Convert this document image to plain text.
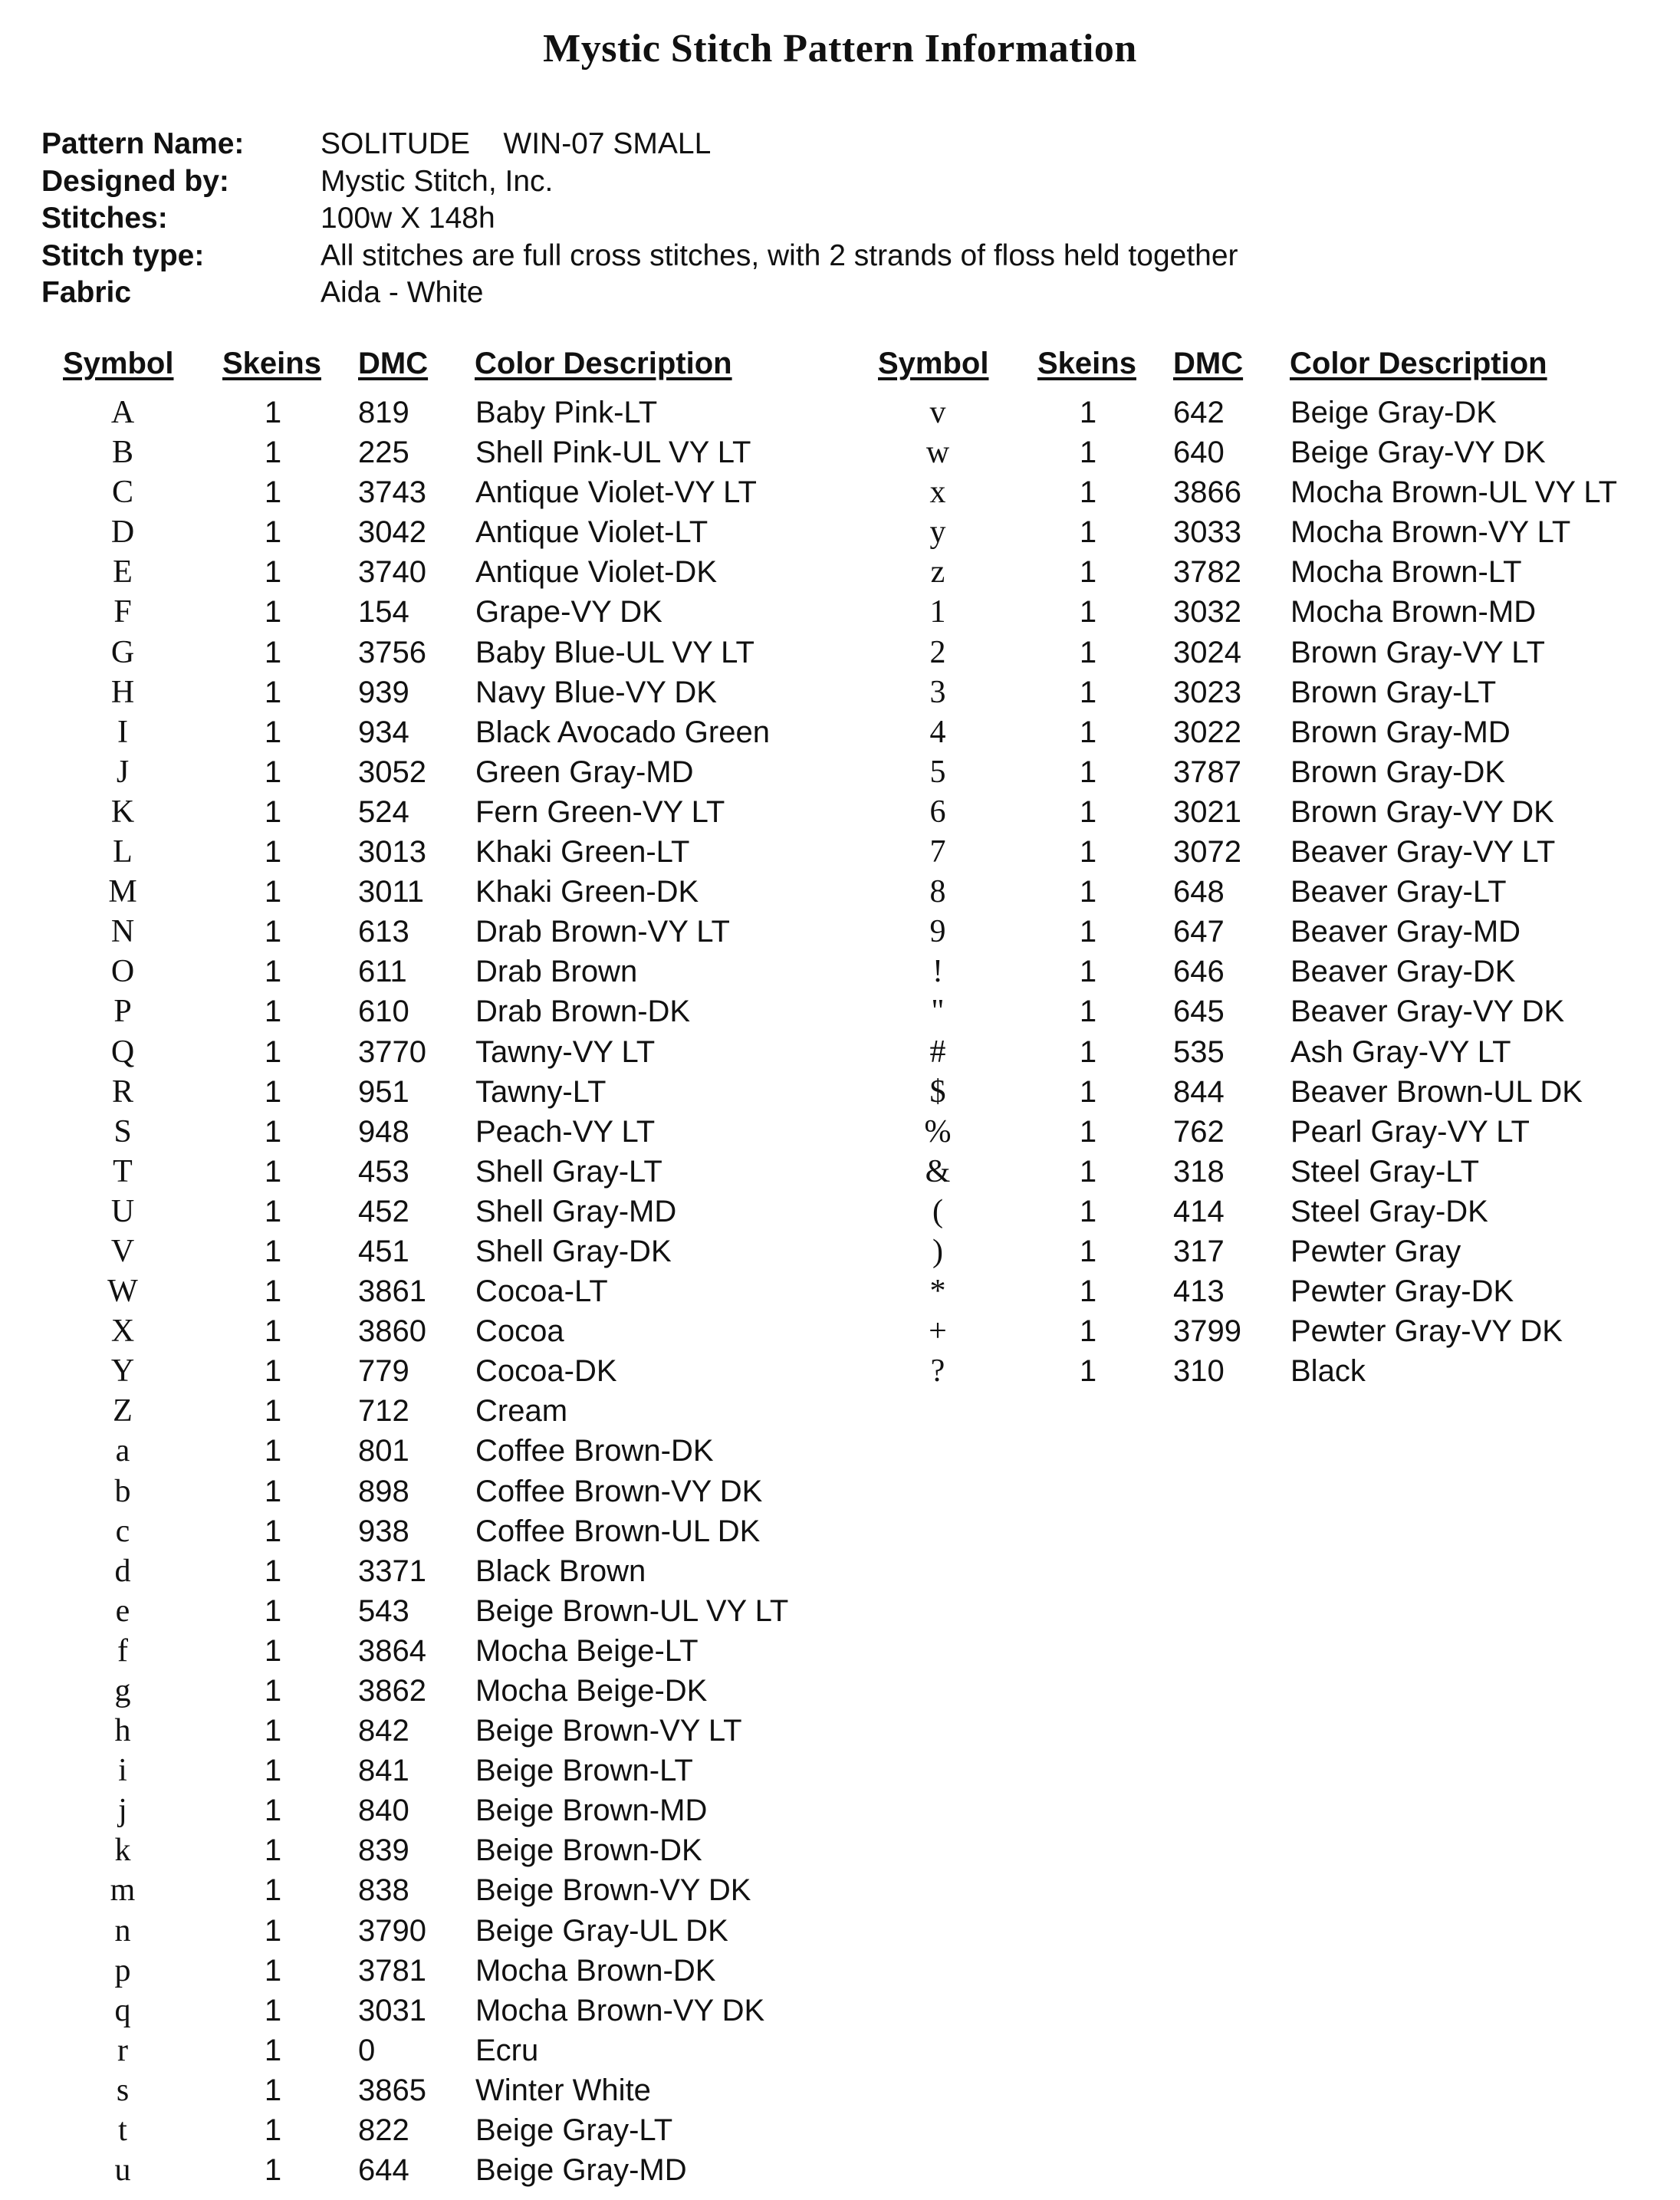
Mystic Stitch Pattern Information
Pattern Name:	SOLITUDE    WIN-07 SMALL
Designed by:	Mystic Stitch, Inc.
Stitches:	100w X 148h
Stitch type:	All stitches are full cross stitches, with 2 strands of floss held together
Fabric	Aida - White
Symbol Skeins DMC Color Description
A	1 819 Baby Pink-LT
B	1 225 Shell Pink-UL VY LT
C	1 3743 Antique Violet-VY LT
D	1 3042 Antique Violet-LT
E	1 3740 Antique Violet-DK
F	1 154 Grape-VY DK
G	1 3756 Baby Blue-UL VY LT
H	1 939 Navy Blue-VY DK
I	1 934 Black Avocado Green
J	1 3052 Green Gray-MD
K	1 524 Fern Green-VY LT
L	1 3013 Khaki Green-LT
M	1 3011 Khaki Green-DK
N	1 613 Drab Brown-VY LT
O	1 611 Drab Brown
P	1 610 Drab Brown-DK
Q	1 3770 Tawny-VY LT
R	1 951 Tawny-LT
S	1 948 Peach-VY LT
T	1 453 Shell Gray-LT
U	1 452 Shell Gray-MD
V	1 451 Shell Gray-DK
W	1 3861 Cocoa-LT
X	1 3860 Cocoa
Y	1 779 Cocoa-DK
Z	1 712 Cream
a	1 801 Coffee Brown-DK
b	1 898 Coffee Brown-VY DK
c	1 938 Coffee Brown-UL DK
d	1 3371 Black Brown
e	1 543 Beige Brown-UL VY LT
f	1 3864 Mocha Beige-LT
g	1 3862 Mocha Beige-DK
h	1 842 Beige Brown-VY LT
i	1 841 Beige Brown-LT
j	1 840 Beige Brown-MD
k	1 839 Beige Brown-DK
m	1 838 Beige Brown-VY DK
n	1 3790 Beige Gray-UL DK
p	1 3781 Mocha Brown-DK
q	1 3031 Mocha Brown-VY DK
r	1 0	Ecru
s	1 3865 Winter White
t	1 822 Beige Gray-LT
u	1 644 Beige Gray-MD
Symbol Skeins DMC Color Description
v	1 642 Beige Gray-DK
w	1 640 Beige Gray-VY DK
x	1 3866 Mocha Brown-UL VY LT
y	1 3033 Mocha Brown-VY LT
z	1 3782 Mocha Brown-LT
1	1 3032 Mocha Brown-MD
2	1 3024 Brown Gray-VY LT
3	1 3023 Brown Gray-LT
4	1 3022 Brown Gray-MD
5	1 3787 Brown Gray-DK
6	1 3021 Brown Gray-VY DK
7	1 3072 Beaver Gray-VY LT
8	1 648 Beaver Gray-LT
9	1 647 Beaver Gray-MD
!	1 646 Beaver Gray-DK
"	1 645 Beaver Gray-VY DK
#	1 535 Ash Gray-VY LT
$	1 844 Beaver Brown-UL DK
%	1 762 Pearl Gray-VY LT
&	1 318 Steel Gray-LT
(	1 414 Steel Gray-DK
)	1 317 Pewter Gray
*	1 413 Pewter Gray-DK
+	1 3799 Pewter Gray-VY DK
?	1 310 Black
